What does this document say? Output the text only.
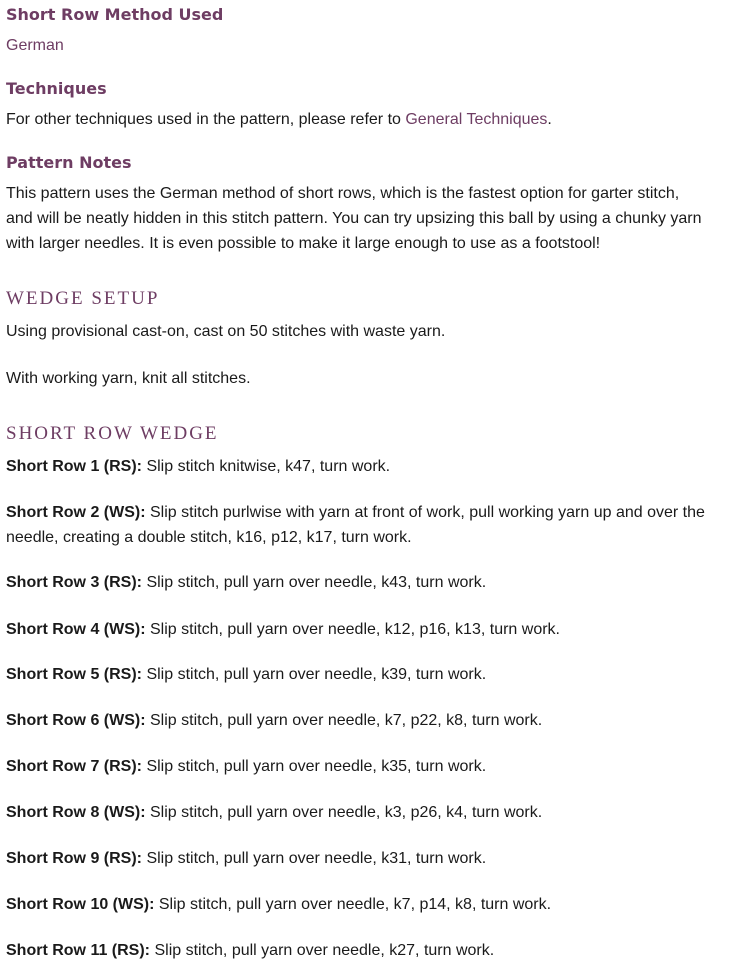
Short Row Method Used

German

Techniques

For other techniques used in the pattern, please refer to General Techniques.

Pattern Notes

This pattern uses the German method of short rows, which is the fastest option for garter stitch,

and will be neatly hidden in this stitch pattern. You can try upsizing this ball by using a chunky yarn

with larger needles. It is even possible to make it large enough to use as a footstool!

WEDGE SETUP

Using provisional cast-on, cast on 50 stitches with waste yarn.

With working yarn, knit all stitches.

SHORT ROW WEDGE

Short Row 1 (RS): Slip stitch knitwise, k47, turn work.

Short Row 2 (WS): Slip stitch purlwise with yarn at front of work, pull working yarn up and over the

needle, creating a double stitch, k16, p12, k17, turn work.

Short Row 3 (RS): Slip stitch, pull yarn over needle, k43, turn work.

Short Row 4 (WS): Slip stitch, pull yarn over needle, k12, p16, k13, turn work.

Short Row 5 (RS): Slip stitch, pull yarn over needle, k39, turn work.

Short Row 6 (WS): Slip stitch, pull yarn over needle, k7, p22, k8, turn work.

Short Row 7 (RS): Slip stitch, pull yarn over needle, k35, turn work.

Short Row 8 (WS): Slip stitch, pull yarn over needle, k3, p26, k4, turn work.

Short Row 9 (RS): Slip stitch, pull yarn over needle, k31, turn work.

Short Row 10 (WS): Slip stitch, pull yarn over needle, k7, p14, k8, turn work.

Short Row 11 (RS): Slip stitch, pull yarn over needle, k27, turn work.
